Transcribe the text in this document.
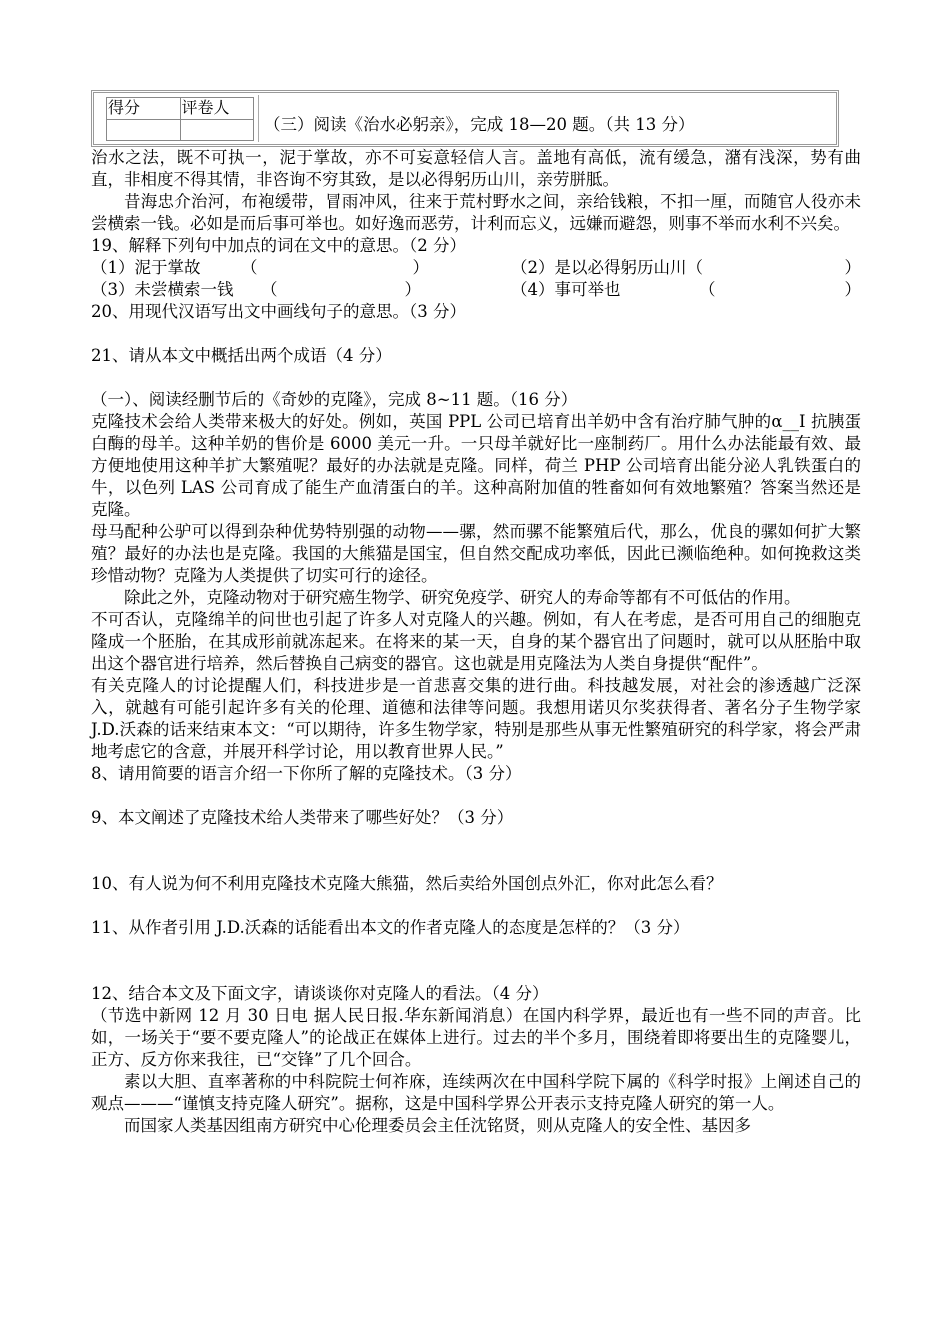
得分	评卷人

（三）阅读《治水必躬亲》，完成 18—20 题。（共 13 分）

治水之法，既不可执一，泥于掌故，亦不可妄意轻信人言。盖地有高低，流有缓急，潴有浅深，势有曲直，非相度不得其情，非咨询不穷其致，是以必得躬历山川，亲劳胼胝。

昔海忠介治河，布袍缓带，冒雨冲风，往来于荒村野水之间，亲给钱粮，不扣一厘，而随官人役亦未尝横索一钱。必如是而后事可举也。如好逸而恶劳，计利而忘义，远嫌而避怨，则事不举而水利不兴矣。

19、解释下列句中加点的词在文中的意思。（2 分）

（1）泥于掌故	（	）	（2）是以必得躬历山川（	）
（3）未尝横索一钱	（	）	（4）事可举也	（	）

20、用现代汉语写出文中画线句子的意思。（3 分）

21、请从本文中概括出两个成语（4 分）

（一）、阅读经删节后的《奇妙的克隆》，完成 8~11 题。（16 分）

克隆技术会给人类带来极大的好处。例如，英国 PPL 公司已培育出羊奶中含有治疗肺气肿的α__I 抗胰蛋白酶的母羊。这种羊奶的售价是 6000 美元一升。一只母羊就好比一座制药厂。用什么办法能最有效、最方便地使用这种羊扩大繁殖呢？最好的办法就是克隆。同样，荷兰 PHP 公司培育出能分泌人乳铁蛋白的牛，以色列 LAS 公司育成了能生产血清蛋白的羊。这种高附加值的牲畜如何有效地繁殖？答案当然还是克隆。

母马配种公驴可以得到杂种优势特别强的动物——骡，然而骡不能繁殖后代，那么，优良的骡如何扩大繁殖？最好的办法也是克隆。我国的大熊猫是国宝，但自然交配成功率低，因此已濒临绝种。如何挽救这类珍惜动物？克隆为人类提供了切实可行的途径。

除此之外，克隆动物对于研究癌生物学、研究免疫学、研究人的寿命等都有不可低估的作用。

不可否认，克隆绵羊的问世也引起了许多人对克隆人的兴趣。例如，有人在考虑，是否可用自己的细胞克隆成一个胚胎，在其成形前就冻起来。在将来的某一天，自身的某个器官出了问题时，就可以从胚胎中取出这个器官进行培养，然后替换自己病变的器官。这也就是用克隆法为人类自身提供“配件”。

有关克隆人的讨论提醒人们，科技进步是一首悲喜交集的进行曲。科技越发展，对社会的渗透越广泛深入，就越有可能引起许多有关的伦理、道德和法律等问题。我想用诺贝尔奖获得者、著名分子生物学家 J.D.沃森的话来结束本文：“可以期待，许多生物学家，特别是那些从事无性繁殖研究的科学家，将会严肃地考虑它的含意，并展开科学讨论，用以教育世界人民。”

8、请用简要的语言介绍一下你所了解的克隆技术。（3 分）

9、本文阐述了克隆技术给人类带来了哪些好处？（3 分）

10、有人说为何不利用克隆技术克隆大熊猫，然后卖给外国创点外汇，你对此怎么看？

11、从作者引用 J.D.沃森的话能看出本文的作者克隆人的态度是怎样的？（3 分）

12、结合本文及下面文字，请谈谈你对克隆人的看法。（4 分）

（节选中新网 12 月 30 日电 据人民日报.华东新闻消息）在国内科学界，最近也有一些不同的声音。比如，一场关于“要不要克隆人”的论战正在媒体上进行。过去的半个多月，围绕着即将要出生的克隆婴儿，正方、反方你来我往，已“交锋”了几个回合。

素以大胆、直率著称的中科院院士何祚庥，连续两次在中国科学院下属的《科学时报》上阐述自己的观点———“谨慎支持克隆人研究”。据称，这是中国科学界公开表示支持克隆人研究的第一人。

而国家人类基因组南方研究中心伦理委员会主任沈铭贤，则从克隆人的安全性、基因多
